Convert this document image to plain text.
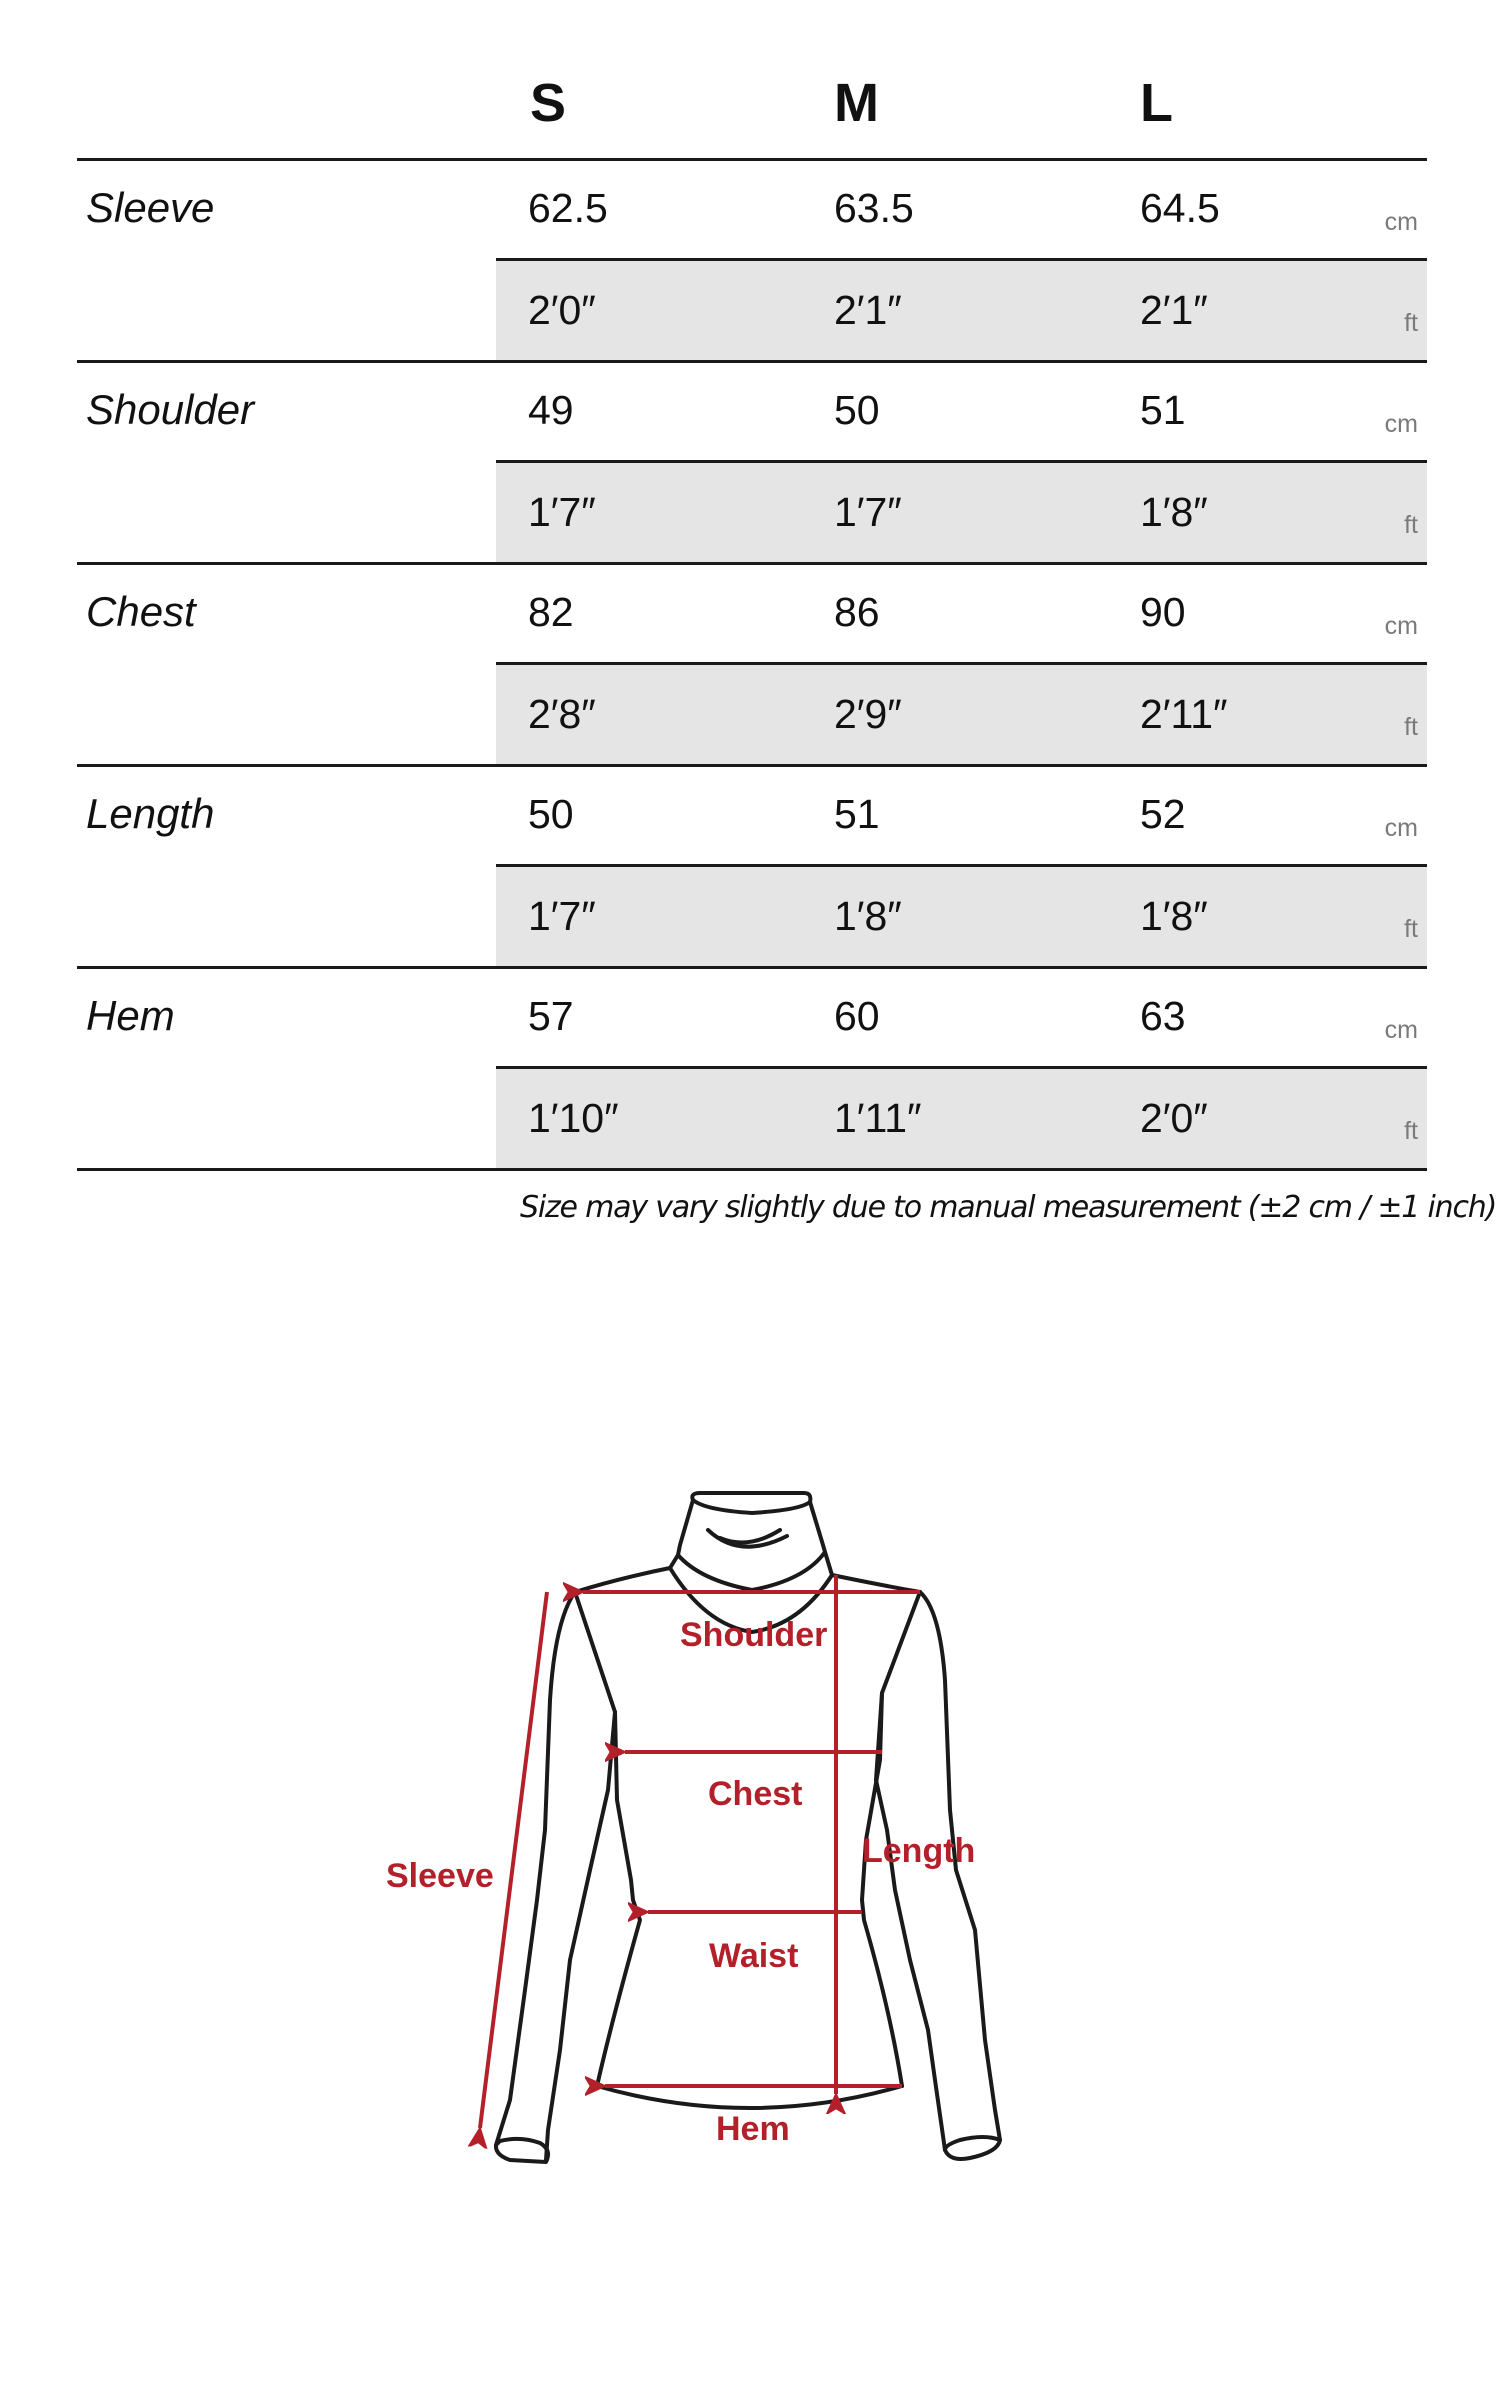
S	M	L
Sleeve	62.5	63.5	64.5	cm
2′0″	2′1″	2′1″	ft
Shoulder	49	50	51	cm
1′7″	1′7″	1′8″	ft
Chest	82	86	90	cm
2′8″	2′9″	2′11″	ft
Length	50	51	52	cm
1′7″	1′8″	1′8″	ft
Hem	57	60	63	cm
1′10″	1′11″	2′0″	ft
Size may vary slightly due to manual measurement (±2 cm / ±1 inch)
Shoulder
Chest
Length
Sleeve
Waist
Hem
